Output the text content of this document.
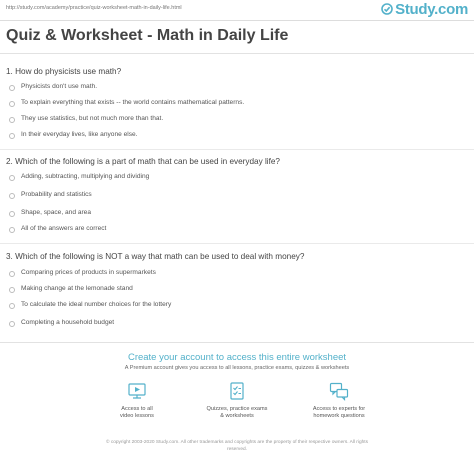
http://study.com/academy/practice/quiz-worksheet-math-in-daily-life.html	Study.com
Quiz & Worksheet - Math in Daily Life
1. How do physicists use math?
Physicists don't use math.
To explain everything that exists -- the world contains mathematical patterns.
They use statistics, but not much more than that.
In their everyday lives, like anyone else.
2. Which of the following is a part of math that can be used in everyday life?
Adding, subtracting, multiplying and dividing
Probability and statistics
Shape, space, and area
All of the answers are correct
3. Which of the following is NOT a way that math can be used to deal with money?
Comparing prices of products in supermarkets
Making change at the lemonade stand
To calculate the ideal number choices for the lottery
Completing a household budget
Create your account to access this entire worksheet
A Premium account gives you access to all lessons, practice exams, quizzes & worksheets
Access to all
video lessons
Quizzes, practice exams
& worksheets
Access to experts for
homework questions
© copyright 2003-2020 Study.com. All other trademarks and copyrights are the property of their respective owners. All rights
reserved.
